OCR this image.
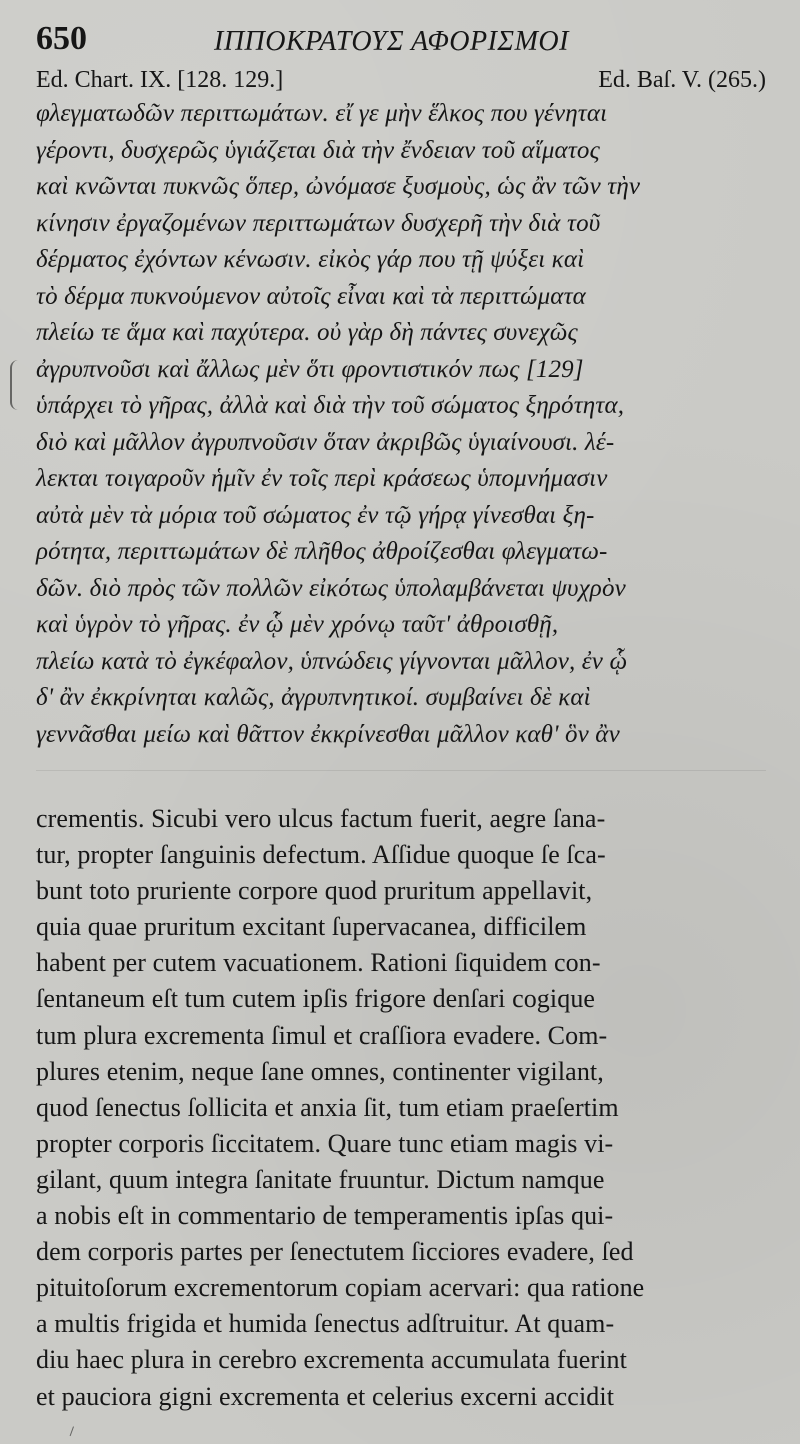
650	ΙΠΠΟΚΡΑΤΟΥΣ ΑΦΟΡΙΣΜΟΙ
Ed. Chart. IX. [128. 129.]	Ed. Baſ. V. (265.)
φλεγματωδῶν περιττωμάτων. εἴ γε μὴν ἕλκος που γένηται
γέροντι, δυσχερῶς ὑγιάζεται διὰ τὴν ἔνδειαν τοῦ αἵματος
καὶ κνῶνται πυκνῶς ὅπερ, ὠνόμασε ξυσμοὺς, ὡς ἂν τῶν τὴν
κίνησιν ἐργαζομένων περιττωμάτων δυσχερῆ τὴν διὰ τοῦ
δέρματος ἐχόντων κένωσιν. εἰκὸς γάρ που τῇ ψύξει καὶ
τὸ δέρμα πυκνούμενον αὐτοῖς εἶναι καὶ τὰ περιττώματα
πλείω τε ἅμα καὶ παχύτερα. οὐ γὰρ δὴ πάντες συνεχῶς
ἀγρυπνοῦσι καὶ ἄλλως μὲν ὅτι φροντιστικόν πως [129]
ὑπάρχει τὸ γῆρας, ἀλλὰ καὶ διὰ τὴν τοῦ σώματος ξηρότητα,
διὸ καὶ μᾶλλον ἀγρυπνοῦσιν ὅταν ἀκριβῶς ὑγιαίνουσι. λέ-
λεκται τοιγαροῦν ἡμῖν ἐν τοῖς περὶ κράσεως ὑπομνήμασιν
αὐτὰ μὲν τὰ μόρια τοῦ σώματος ἐν τῷ γήρᾳ γίνεσθαι ξη-
ρότητα, περιττωμάτων δὲ πλῆθος ἀθροίζεσθαι φλεγματω-
δῶν. διὸ πρὸς τῶν πολλῶν εἰκότως ὑπολαμβάνεται ψυχρὸν
καὶ ὑγρὸν τὸ γῆρας. ἐν ᾧ μὲν χρόνῳ ταῦτ' ἀθροισθῇ,
πλείω κατὰ τὸ ἐγκέφαλον, ὑπνώδεις γίγνονται μᾶλλον, ἐν ᾧ
δ' ἂν ἐκκρίνηται καλῶς, ἀγρυπνητικοί. συμβαίνει δὲ καὶ
γεννᾶσθαι μείω καὶ θᾶττον ἐκκρίνεσθαι μᾶλλον καθ' ὃν ἂν
crementis. Sicubi vero ulcus factum fuerit, aegre ſana-
tur, propter ſanguinis defectum. Aſſidue quoque ſe ſca-
bunt toto pruriente corpore quod pruritum appellavit,
quia quae pruritum excitant ſupervacanea, difficilem
habent per cutem vacuationem. Rationi ſiquidem con-
ſentaneum eſt tum cutem ipſis frigore denſari cogique
tum plura excrementa ſimul et craſſiora evadere. Com-
plures etenim, neque ſane omnes, continenter vigilant,
quod ſenectus ſollicita et anxia ſit, tum etiam praeſertim
propter corporis ſiccitatem. Quare tunc etiam magis vi-
gilant, quum integra ſanitate fruuntur. Dictum namque
a nobis eſt in commentario de temperamentis ipſas qui-
dem corporis partes per ſenectutem ſicciores evadere, ſed
pituitoſorum excrementorum copiam acervari: qua ratione
a multis frigida et humida ſenectus adſtruitur. At quam-
diu haec plura in cerebro excrementa accumulata fuerint
et pauciora gigni excrementa et celerius excerni accidit
